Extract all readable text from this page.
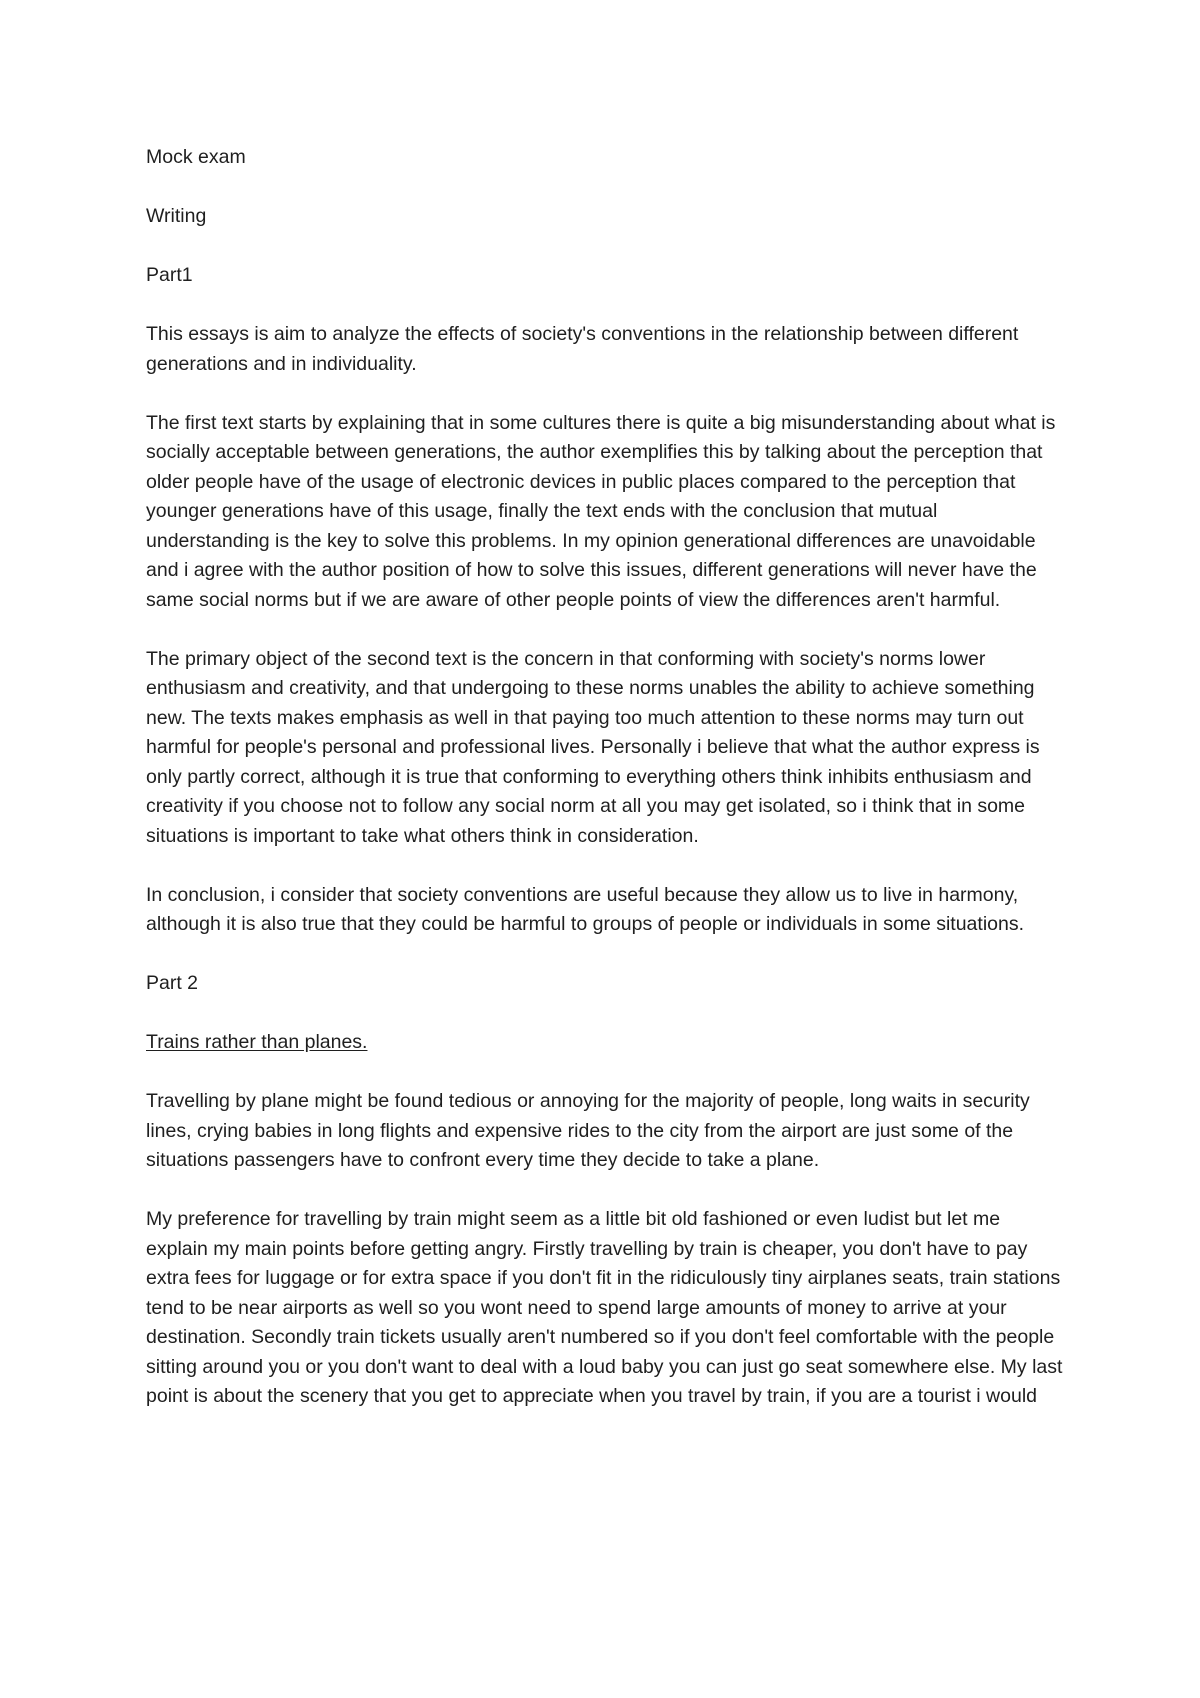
Mock exam

Writing

Part1

This essays is aim to analyze the effects of society's conventions in the relationship between different generations and in individuality.

The first text starts by explaining that in some cultures there is quite a big misunderstanding about what is socially acceptable between generations, the author exemplifies this by talking about the perception that older people have of the usage of electronic devices in public places compared to the perception that younger generations have of this usage, finally the text ends with the conclusion that mutual understanding is the key to solve this problems. In my opinion generational differences are unavoidable and i agree with the author position of how to solve this issues, different generations will never have the same social norms but if we are aware of other people points of view the differences aren't harmful.

The primary object of the second text is the concern in that conforming with society's norms lower enthusiasm and creativity, and that undergoing to these norms unables the ability to achieve something new. The texts makes emphasis as well in that paying too much attention to these norms may turn out harmful for people's personal and professional lives. Personally i believe that what the author express is only partly correct, although it is true that conforming to everything others think inhibits enthusiasm and creativity if you choose not to follow any social norm at all you may get isolated, so i think that in some situations is important to take what others think in consideration.

In conclusion, i consider that society conventions are useful because they allow us to live in harmony, although it is also true that they could be harmful to groups of people or individuals in some situations.

Part 2

Trains rather than planes.

Travelling by plane might be found tedious or annoying for the majority of people, long waits in security lines, crying babies in long flights and expensive rides to the city from the airport are just some of the situations passengers have to confront every time they decide to take a plane.

My preference for travelling by train might seem as a little bit old fashioned or even ludist but let me explain my main points before getting angry. Firstly travelling by train is cheaper, you don't have to pay extra fees for luggage or for extra space if you don't fit in the ridiculously tiny airplanes seats, train stations tend to be near airports as well so you wont need to spend large amounts of money to arrive at your destination. Secondly train tickets usually aren't numbered so if you don't feel comfortable with the people sitting around you or you don't want to deal with a loud baby you can just go seat somewhere else. My last point is about the scenery that you get to appreciate when you travel by train, if you are a tourist i would
